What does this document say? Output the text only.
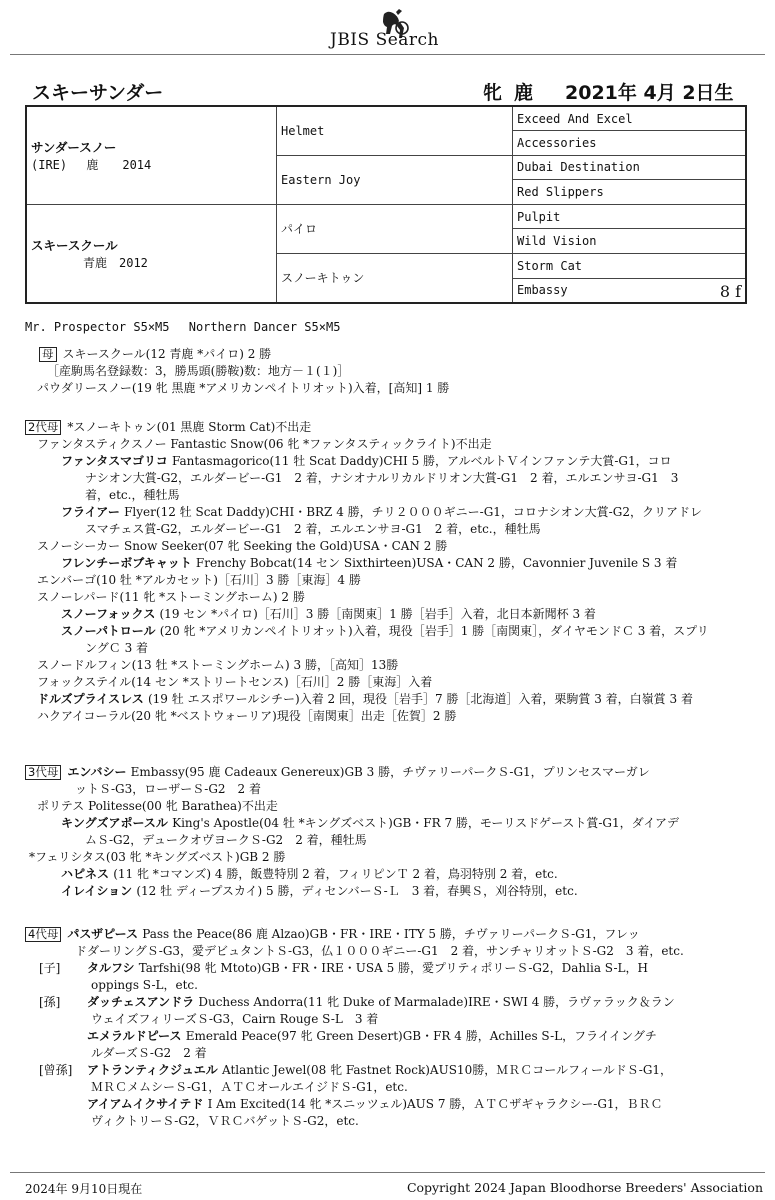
JBIS Search
スキーサンダー	牝 鹿 2021年 4月 2日生
サンダースノー
(IRE)　 鹿　　2014	Helmet	Exceed And Excel
		Accessories
	Eastern Joy	Dubai Destination
		Red Slippers

スキースクール
青鹿　2012	パイロ	Pulpit
		Wild Vision
	スノーキトゥン	Storm Cat
		Embassy 8 f
Mr. Prospector S5×M5　 Northern Dancer S5×M5
母 スキースクール(12 青鹿 *パイロ) 2 勝
［産駒馬名登録数：3，勝馬頭(勝鞍)数：地方－１(１)］
パウダリースノー(19 牝 黒鹿 *アメリカンペイトリオット)入着，[高知] 1 勝
2代母 *スノーキトゥン(01 黒鹿 Storm Cat)不出走
ファンタスティクスノー Fantastic Snow(06 牝 *ファンタスティックライト)不出走
ファンタスマゴリコ Fantasmagorico(11 牡 Scat Daddy)CHI 5 勝，アルベルトＶインファンテ大賞-G1，コロ
ナシオン大賞-G2，エルダービー-G1　2 着，ナシオナルリカルドリオン大賞-G1　2 着，エルエンサヨ-G1　3
着，etc.，種牡馬
フライアー Flyer(12 牡 Scat Daddy)CHI・BRZ 4 勝，チリ２０００ギニー-G1，コロナシオン大賞-G2，クリアドレ
スマチェス賞-G2，エルダービー-G1　2 着，エルエンサヨ-G1　2 着，etc.，種牡馬
スノーシーカー Snow Seeker(07 牝 Seeking the Gold)USA・CAN 2 勝
フレンチーボブキャット Frenchy Bobcat(14 セン Sixthirteen)USA・CAN 2 勝，Cavonnier Juvenile S 3 着
エンバーゴ(10 牡 *アルカセット)［石川］3 勝［東海］4 勝
スノーレパード(11 牝 *ストーミングホーム) 2 勝
スノーフォックス (19 セン *パイロ)［石川］3 勝［南関東］1 勝［岩手］入着，北日本新聞杯 3 着
スノーパトロール (20 牝 *アメリカンペイトリオット)入着，現役［岩手］1 勝［南関東］，ダイヤモンドＣ 3 着，スプリ
ングＣ 3 着
スノードルフィン(13 牡 *ストーミングホーム) 3 勝，［高知］13勝
フォックステイル(14 セン *ストリートセンス)［石川］2 勝［東海］入着
ドルズプライスレス (19 牡 エスポワールシチー)入着 2 回，現役［岩手］7 勝［北海道］入着，栗駒賞 3 着，白嶺賞 3 着
ハクアイコーラル(20 牝 *ベストウォーリア)現役［南関東］出走［佐賀］2 勝
3代母 エンバシー Embassy(95 鹿 Cadeaux Genereux)GB 3 勝，チヴァリーパークＳ-G1，プリンセスマーガレ
ットＳ-G3，ローザーＳ-G2　2 着
ポリテス Politesse(00 牝 Barathea)不出走
キングズアポースル King's Apostle(04 牡 *キングズベスト)GB・FR 7 勝，モーリスドゲースト賞-G1，ダイアデ
ムＳ-G2，デュークオヴヨークＳ-G2　2 着，種牡馬
*フェリシタス(03 牝 *キングズベスト)GB 2 勝
ハピネス (11 牝 *コマンズ) 4 勝，飯豊特別 2 着，フィリピンＴ 2 着，鳥羽特別 2 着，etc.
イレイション (12 牡 ディープスカイ) 5 勝，ディセンバーＳ-Ｌ　3 着，春興Ｓ，刈谷特別，etc.
4代母 パスザピース Pass the Peace(86 鹿 Alzao)GB・FR・IRE・ITY 5 勝，チヴァリーパークＳ-G1，フレッ
ドダーリングＳ-G3，愛デビュタントＳ-G3，仏１０００ギニー-G1　2 着，サンチャリオットＳ-G2　3 着，etc.
[子] タルフシ Tarfshi(98 牝 Mtoto)GB・FR・IRE・USA 5 勝，愛プリティポリーＳ-G2，Dahlia S-L，H
oppings S-L，etc.
[孫] ダッチェスアンドラ Duchess Andorra(11 牝 Duke of Marmalade)IRE・SWI 4 勝，ラヴァラック＆ラン
ウェイズフィリーズＳ-G3，Cairn Rouge S-L　3 着
エメラルドピース Emerald Peace(97 牝 Green Desert)GB・FR 4 勝，Achilles S-L，フライイングチ
ルダーズＳ-G2　2 着
[曾孫] アトランティクジュエル Atlantic Jewel(08 牝 Fastnet Rock)AUS10勝，ＭＲＣコールフィールドＳ-G1，
ＭＲＣメムシーＳ-G1，ＡＴＣオールエイジドＳ-G1，etc.
アイアムイクサイテド I Am Excited(14 牝 *スニッツェル)AUS 7 勝，ＡＴＣザギャラクシー-G1，ＢＲＣ
ヴィクトリーＳ-G2，ＶＲＣバゲットＳ-G2，etc.
2024年 9月10日現在	Copyright 2024 Japan Bloodhorse Breeders' Association
